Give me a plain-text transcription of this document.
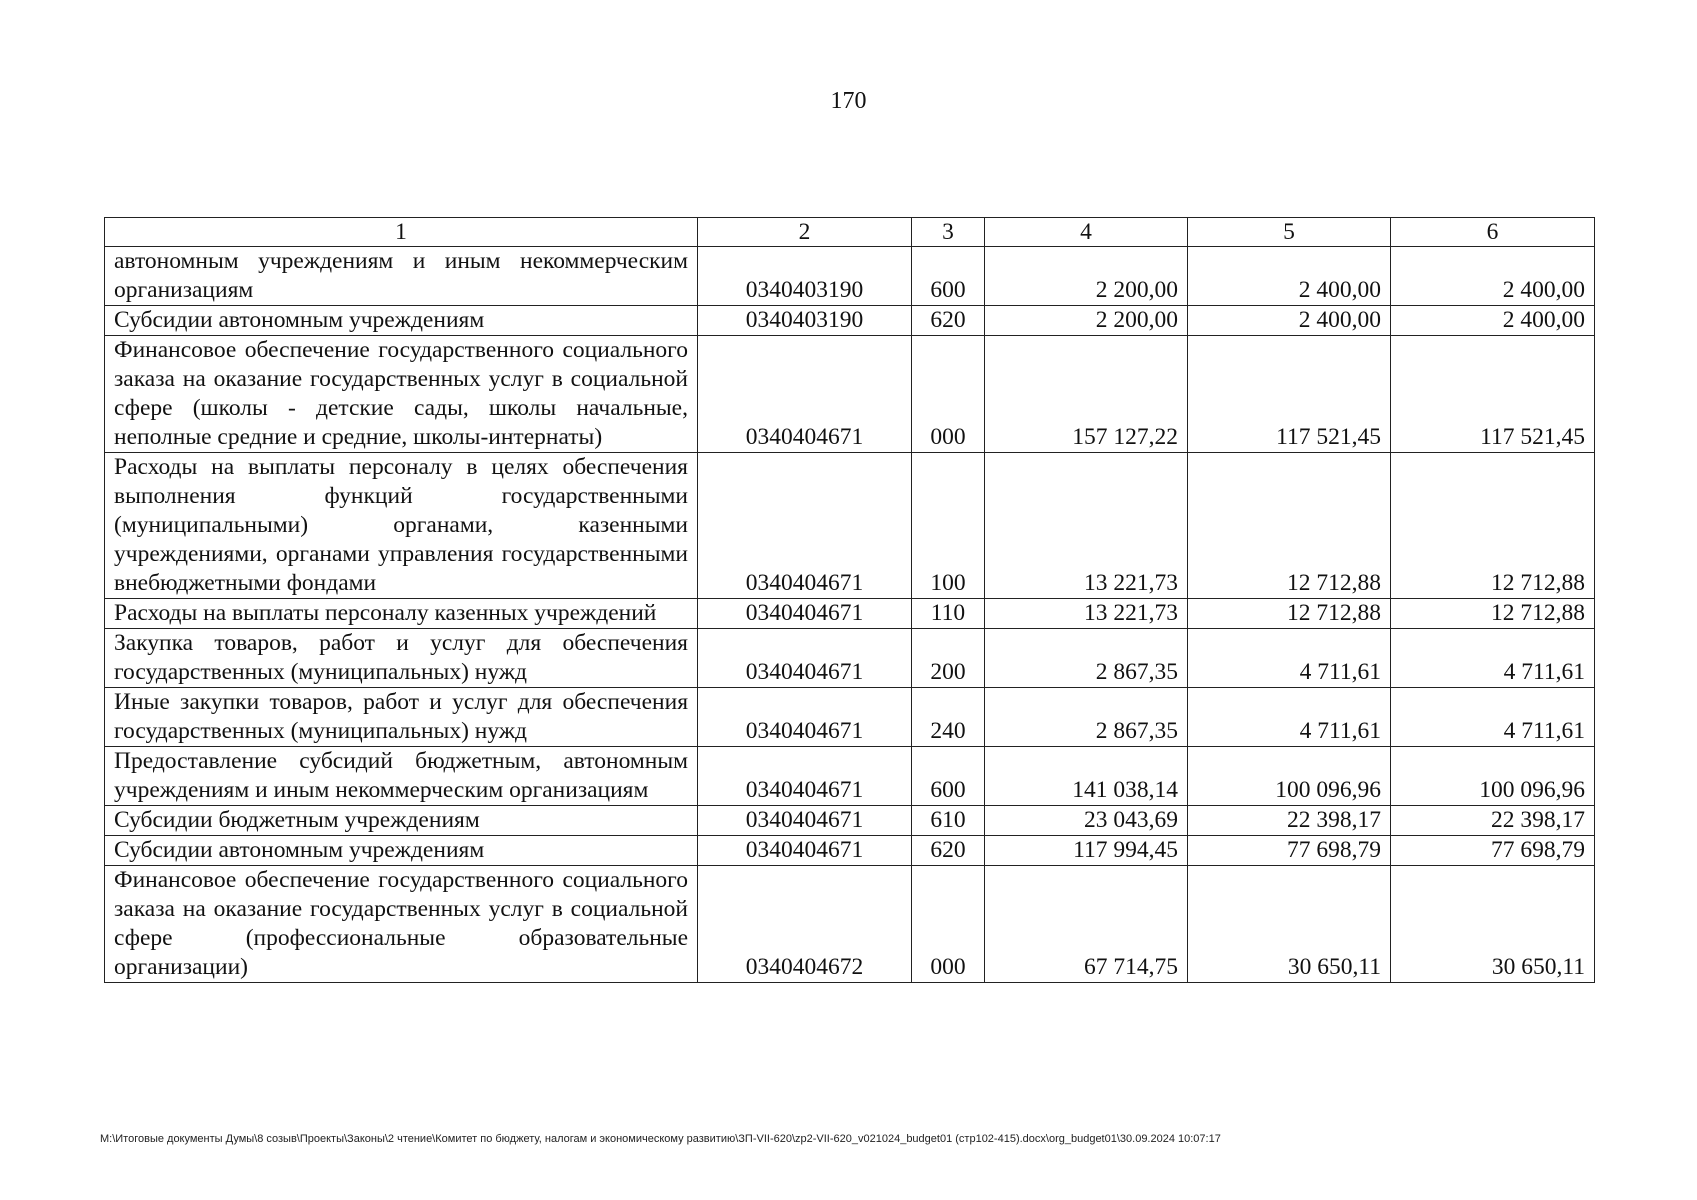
170
1	2	3	4	5	6
автономным учреждениям и иным некоммерческим организациям	0340403190	600	2 200,00	2 400,00	2 400,00
Субсидии автономным учреждениям	0340403190	620	2 200,00	2 400,00	2 400,00
Финансовое обеспечение государственного социального заказа на оказание государственных услуг в социальной сфере (школы - детские сады, школы начальные, неполные средние и средние, школы-интернаты)	0340404671	000	157 127,22	117 521,45	117 521,45
Расходы на выплаты персоналу в целях обеспечения выполнения функций государственными (муниципальными) органами, казенными учреждениями, органами управления государственными внебюджетными фондами	0340404671	100	13 221,73	12 712,88	12 712,88
Расходы на выплаты персоналу казенных учреждений	0340404671	110	13 221,73	12 712,88	12 712,88
Закупка товаров, работ и услуг для обеспечения государственных (муниципальных) нужд	0340404671	200	2 867,35	4 711,61	4 711,61
Иные закупки товаров, работ и услуг для обеспечения государственных (муниципальных) нужд	0340404671	240	2 867,35	4 711,61	4 711,61
Предоставление субсидий бюджетным, автономным учреждениям и иным некоммерческим организациям	0340404671	600	141 038,14	100 096,96	100 096,96
Субсидии бюджетным учреждениям	0340404671	610	23 043,69	22 398,17	22 398,17
Субсидии автономным учреждениям	0340404671	620	117 994,45	77 698,79	77 698,79
Финансовое обеспечение государственного социального заказа на оказание государственных услуг в социальной сфере (профессиональные образовательные организации)	0340404672	000	67 714,75	30 650,11	30 650,11
M:\Итоговые документы Думы\8 созыв\Проекты\Законы\2 чтение\Комитет по бюджету, налогам и экономическому развитию\ЗП-VII-620\zp2-VII-620_v021024_budget01 (стр102-415).docx\org_budget01\30.09.2024 10:07:17
